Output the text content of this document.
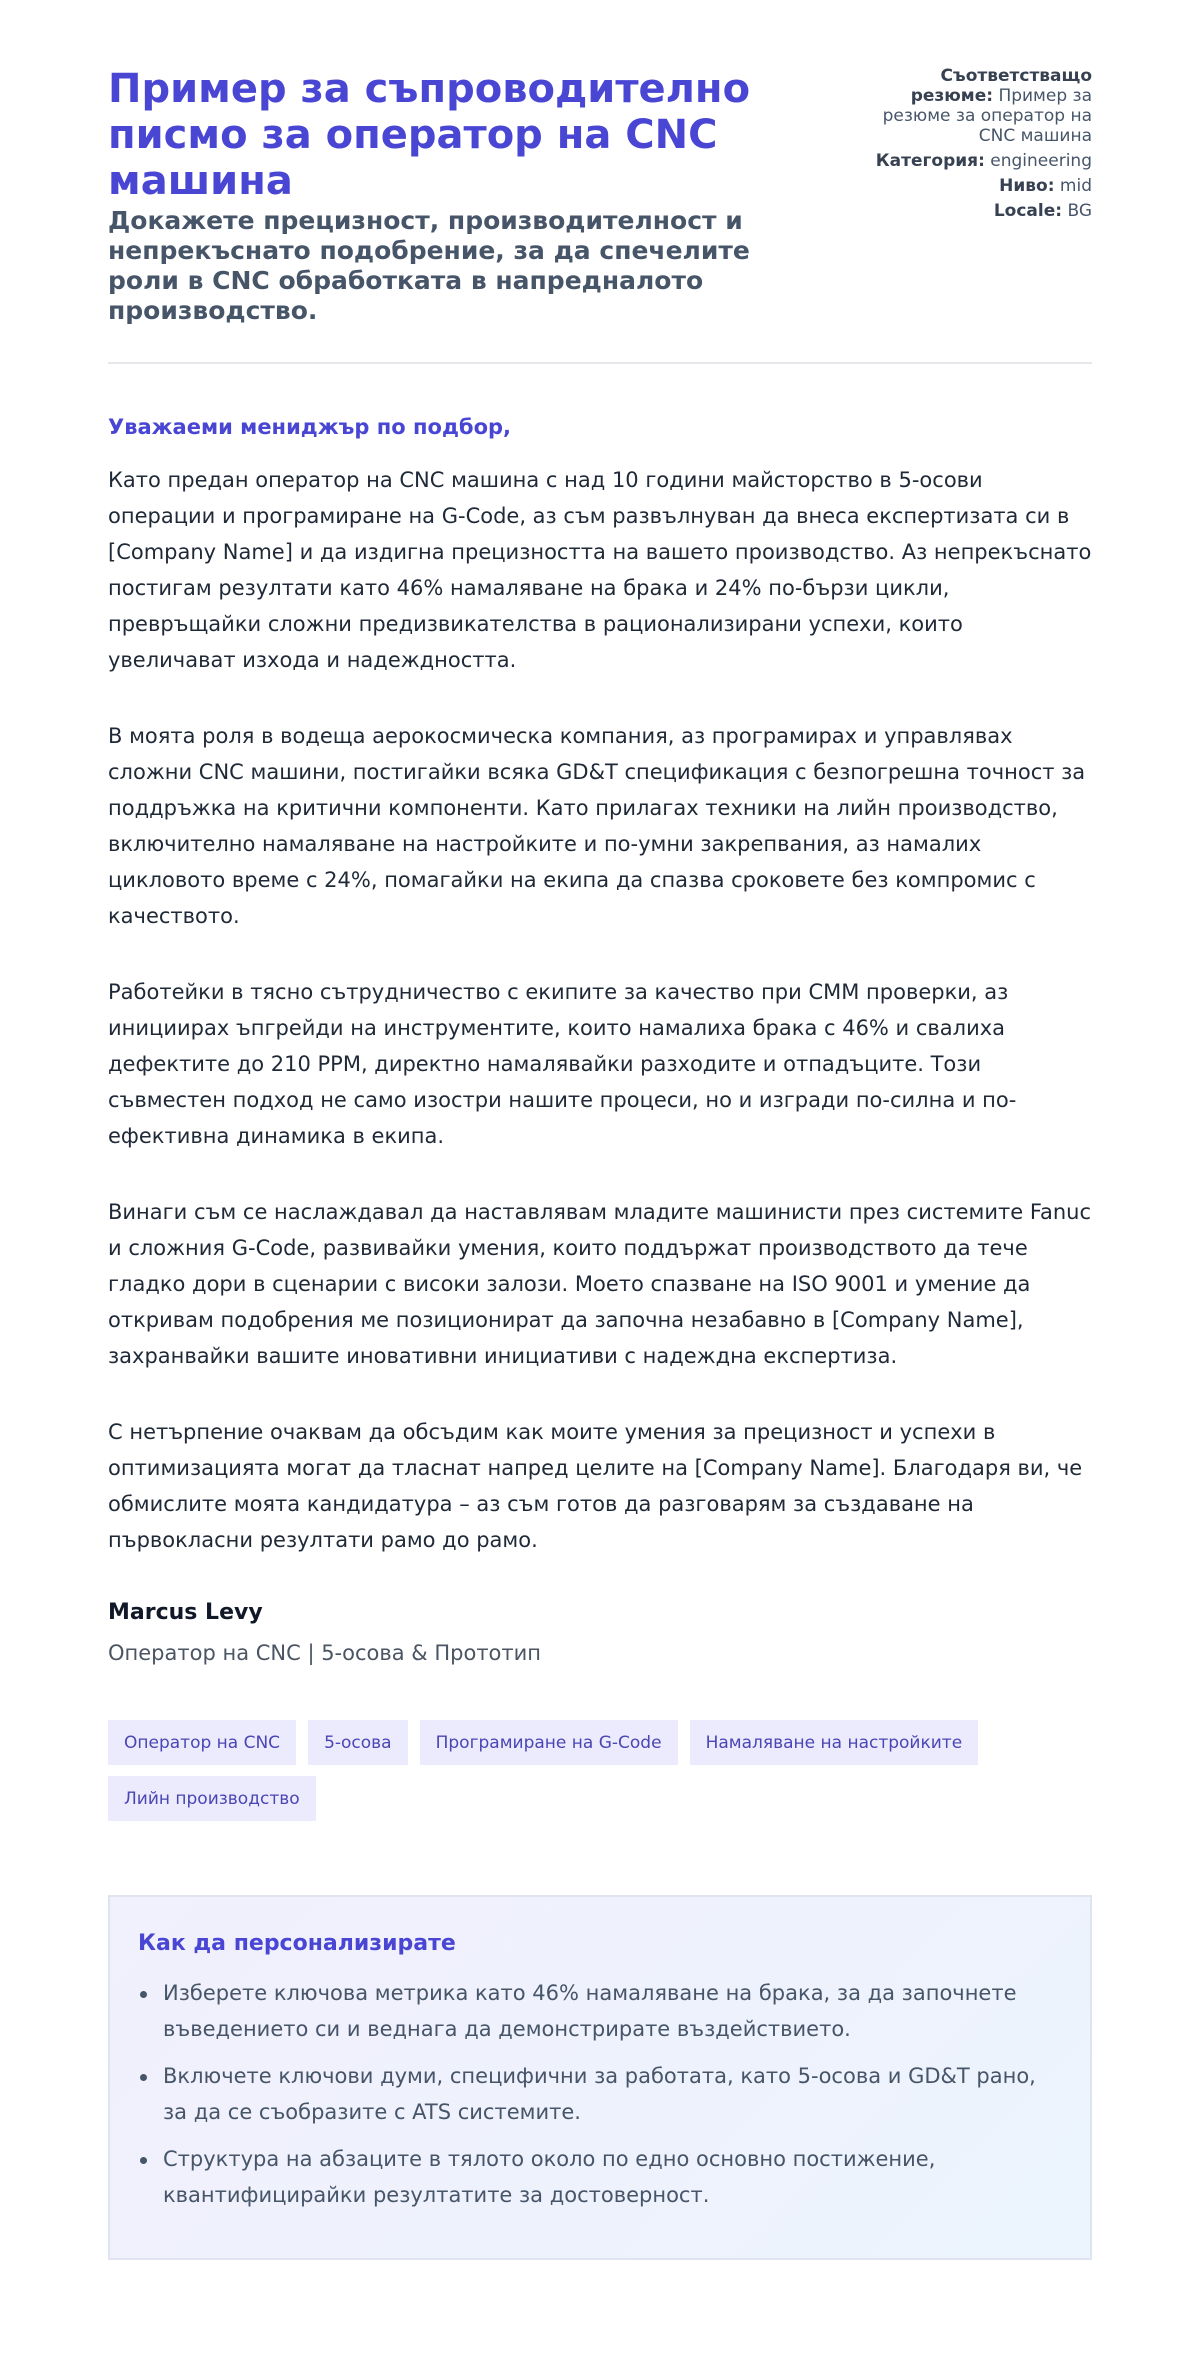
Пример за съпроводително писмо за оператор на CNC машина
Докажете прецизност, производителност и непрекъснато подобрение, за да спечелите роли в CNC обработката в напредналото производство.
Съответстващо резюме: Пример за резюме за оператор на CNC машина
Категория: engineering
Ниво: mid
Locale: BG

Уважаеми мениджър по подбор,

Като предан оператор на CNC машина с над 10 години майсторство в 5-осови операции и програмиране на G-Code, аз съм развълнуван да внеса експертизата си в [Company Name] и да издигна прецизността на вашето производство. Аз непрекъснато постигам резултати като 46% намаляване на брака и 24% по-бързи цикли, превръщайки сложни предизвикателства в рационализирани успехи, които увеличават изхода и надеждността.

В моята роля в водеща аерокосмическа компания, аз програмирах и управлявах сложни CNC машини, постигайки всяка GD&T спецификация с безпогрешна точност за поддръжка на критични компоненти. Като прилагах техники на лийн производство, включително намаляване на настройките и по-умни закрепвания, аз намалих цикловото време с 24%, помагайки на екипа да спазва сроковете без компромис с качеството.

Работейки в тясно сътрудничество с екипите за качество при CMM проверки, аз инициирах ъпгрейди на инструментите, които намалиха брака с 46% и свалиха дефектите до 210 PPM, директно намалявайки разходите и отпадъците. Този съвместен подход не само изостри нашите процеси, но и изгради по-силна и по-ефективна динамика в екипа.

Винаги съм се наслаждавал да наставлявам младите машинисти през системите Fanuc и сложния G-Code, развивайки умения, които поддържат производството да тече гладко дори в сценарии с високи залози. Моето спазване на ISO 9001 и умение да откривам подобрения ме позиционират да започна незабавно в [Company Name], захранвайки вашите иновативни инициативи с надеждна експертиза.

С нетърпение очаквам да обсъдим как моите умения за прецизност и успехи в оптимизацията могат да тласнат напред целите на [Company Name]. Благодаря ви, че обмислите моята кандидатура – аз съм готов да разговарям за създаване на първокласни резултати рамо до рамо.

Marcus Levy
Оператор на CNC | 5-осова & Прототип
Оператор на CNC	5-осова	Програмиране на G-Code	Намаляване на настройките
Лийн производство
Как да персонализирате
Изберете ключова метрика като 46% намаляване на брака, за да започнете въведението си и веднага да демонстрирате въздействието.
Включете ключови думи, специфични за работата, като 5-осова и GD&T рано, за да се съобразите с ATS системите.
Структура на абзаците в тялото около по едно основно постижение, квантифицирайки резултатите за достоверност.
